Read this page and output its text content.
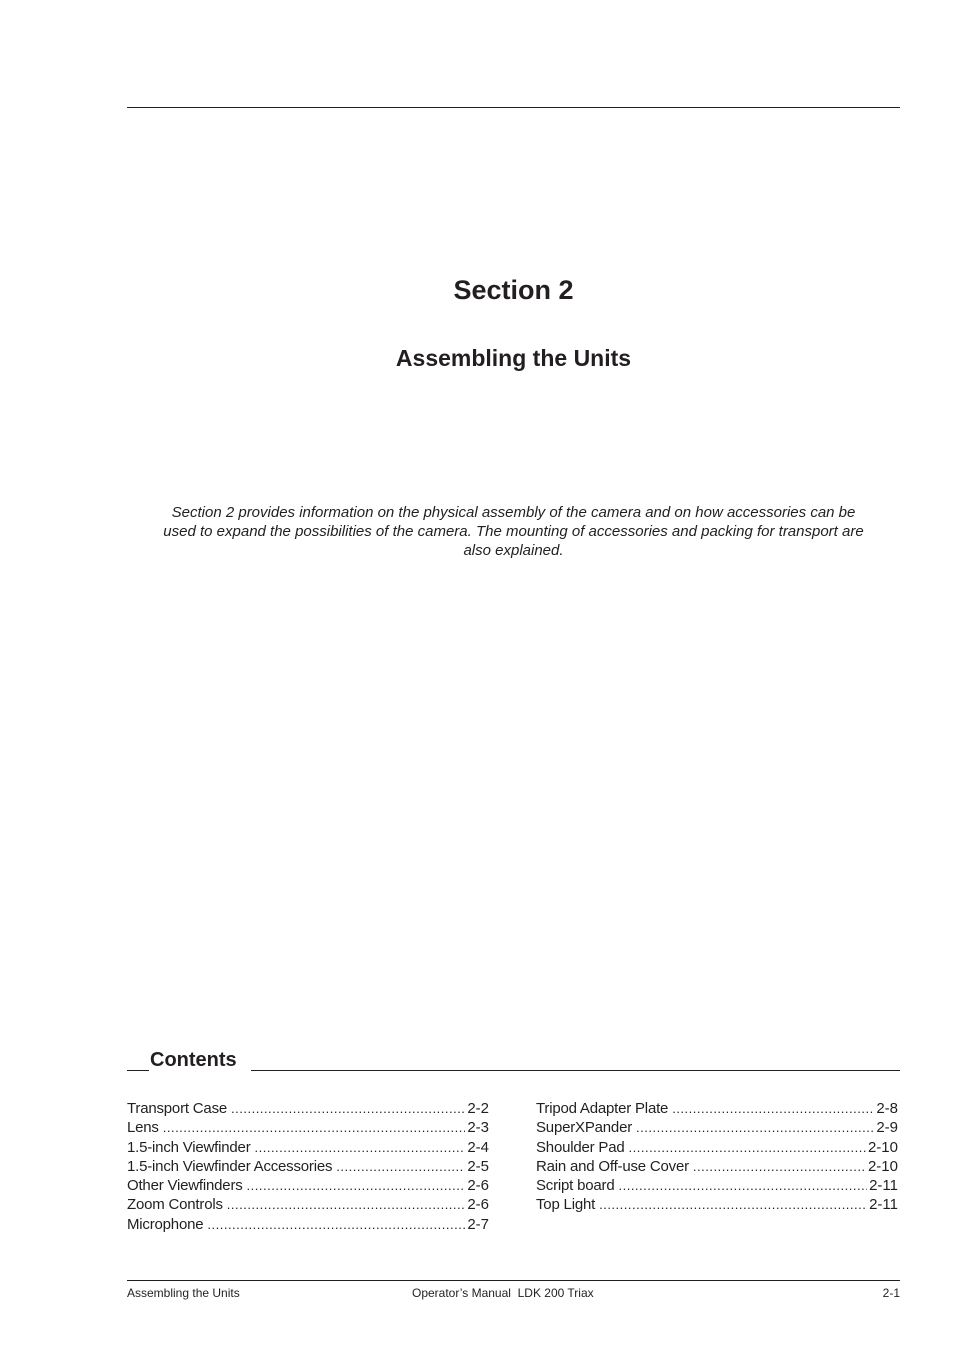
Section 2
Assembling the Units
Section 2 provides information on the physical assembly of the camera and on how accessories can be used to expand the possibilities of the camera. The mounting of accessories and packing for transport are also explained.
Contents
Transport Case .....	2-2
Lens .....	2-3
1.5-inch Viewfinder .....	2-4
1.5-inch Viewfinder Accessories .....	2-5
Other Viewfinders .....	2-6
Zoom Controls .....	2-6
Microphone .....	2-7
Tripod Adapter Plate .....	2-8
SuperXPander .....	2-9
Shoulder Pad .....	2-10
Rain and Off-use Cover .....	2-10
Script board .....	2-11
Top Light .....	2-11
Assembling the Units	Operator’s Manual  LDK 200 Triax	2-1
